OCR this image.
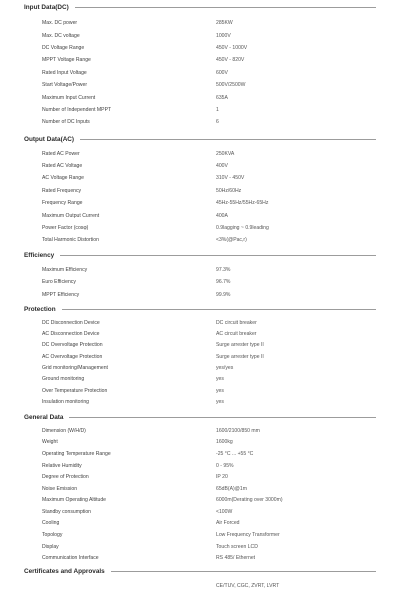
Input Data(DC)
Max. DC power	285KW
Max. DC voltage	1000V
DC Voltage Range	450V - 1000V
MPPT Voltage Range	450V - 820V
Rated Input Voltage	600V
Start Voltage/Power	500V/2500W
Maximum Input Current	635A
Number of Independent MPPT	1
Number of DC Inputs	6
Output Data(AC)
Rated AC Power	250KVA
Rated AC Voltage	400V
AC Voltage Range	310V - 450V
Rated Frequency	50Hz/60Hz
Frequency Range	45Hz-55Hz/55Hz-65Hz
Maximum Output Current	400A
Power Factor (cosφ)	0.9lagging ~ 0.9leading
Total Harmonic Distortion	<3%(@Pac,r)
Efficiency
Maximum Efficiency	97.3%
Euro Efficiency	96.7%
MPPT Efficiency	99.9%
Protection
DC Disconnection Device	DC circuit breaker
AC Disconnection Device	AC circuit breaker
DC Overvoltage Protection	Surge arrester type II
AC Overvoltage Protection	Surge arrester type II
Grid monitoring/Management	yes/yes
Ground monitoring	yes
Over Temperature Protection	yes
Insulation monitoring	yes
General Data
Dimension (W/H/D)	1600/2100/850 mm
Weight	1600kg
Operating Temperature Range	-25 °C ... +55 °C
Relative Humidity	0 - 95%
Degree of Protection	IP 20
Noise Emission	65dB(A)@1m
Maximum Operating Altitude	6000m(Derating over 3000m)
Standby consumption	<100W
Cooling	Air Forced
Topology	Low Frequency Transformer
Display	Touch screen LCD
Communication Interface	RS 485/ Ethernet
Certificates and Approvals
CE/TUV, CGC, ZVRT, LVRT
